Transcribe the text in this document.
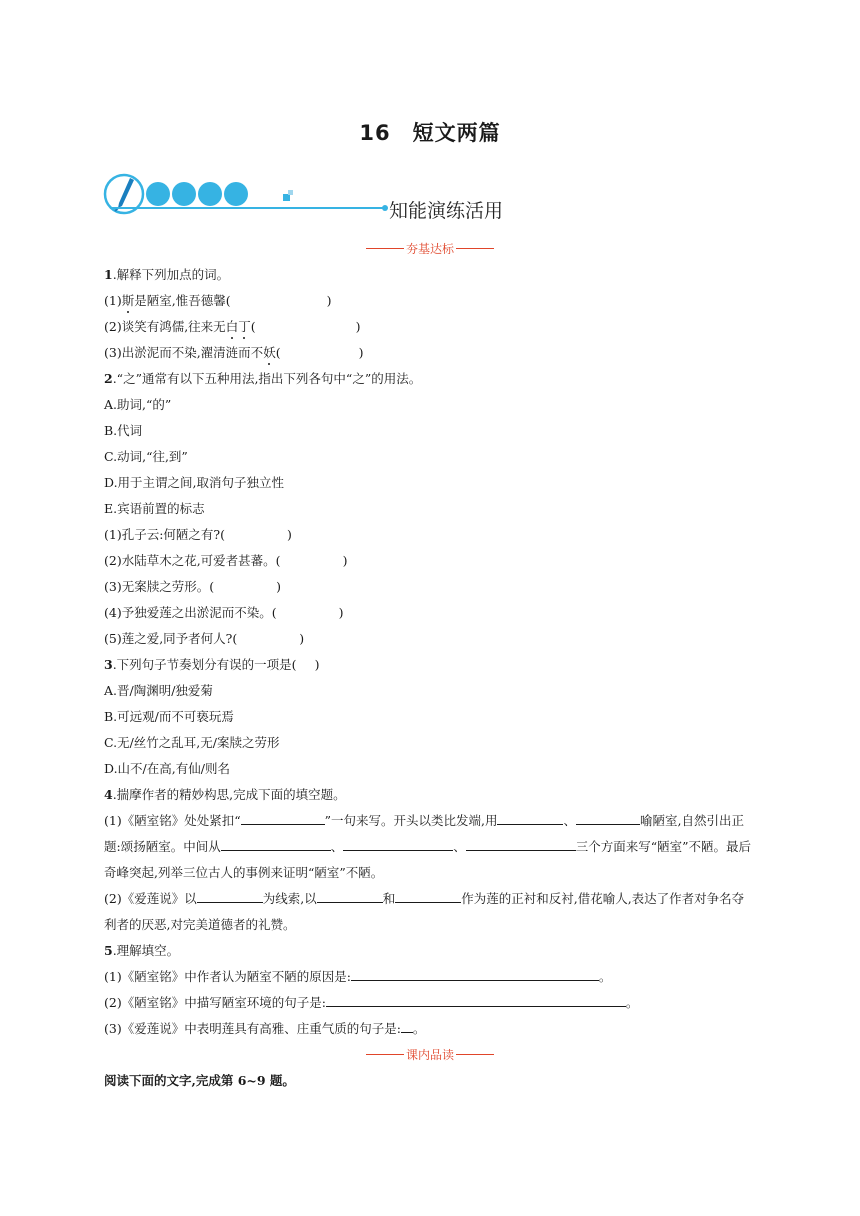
16　短文两篇
知能演练活用
夯基达标
1.解释下列加点的词。
(1)斯是陋室,惟吾德馨(	)
(2)谈笑有鸿儒,往来无白丁(	)
(3)出淤泥而不染,濯清涟而不妖(	)
2.“之”通常有以下五种用法,指出下列各句中“之”的用法。
A.助词,“的”
B.代词
C.动词,“往,到”
D.用于主谓之间,取消句子独立性
E.宾语前置的标志
(1)孔子云:何陋之有?(	)
(2)水陆草木之花,可爱者甚蕃。(	)
(3)无案牍之劳形。(	)
(4)予独爱莲之出淤泥而不染。(	)
(5)莲之爱,同予者何人?(	)
3.下列句子节奏划分有误的一项是( )
A.晋/陶渊明/独爱菊
B.可远观/而不可亵玩焉
C.无/丝竹之乱耳,无/案牍之劳形
D.山不/在高,有仙/则名
4.揣摩作者的精妙构思,完成下面的填空题。
(1)《陋室铭》处处紧扣“	”一句来写。开头以类比发端,用	、	喻陋室,自然引出正
题:颂扬陋室。中间从	、	、	三个方面来写“陋室”不陋。最后
奇峰突起,列举三位古人的事例来证明“陋室”不陋。
(2)《爱莲说》以	为线索,以	和	作为莲的正衬和反衬,借花喻人,表达了作者对争名夺
利者的厌恶,对完美道德者的礼赞。
5.理解填空。
(1)《陋室铭》中作者认为陋室不陋的原因是:	。
(2)《陋室铭》中描写陋室环境的句子是:	。
(3)《爱莲说》中表明莲具有高雅、庄重气质的句子是: 。
课内品读
阅读下面的文字,完成第 6~9 题。
